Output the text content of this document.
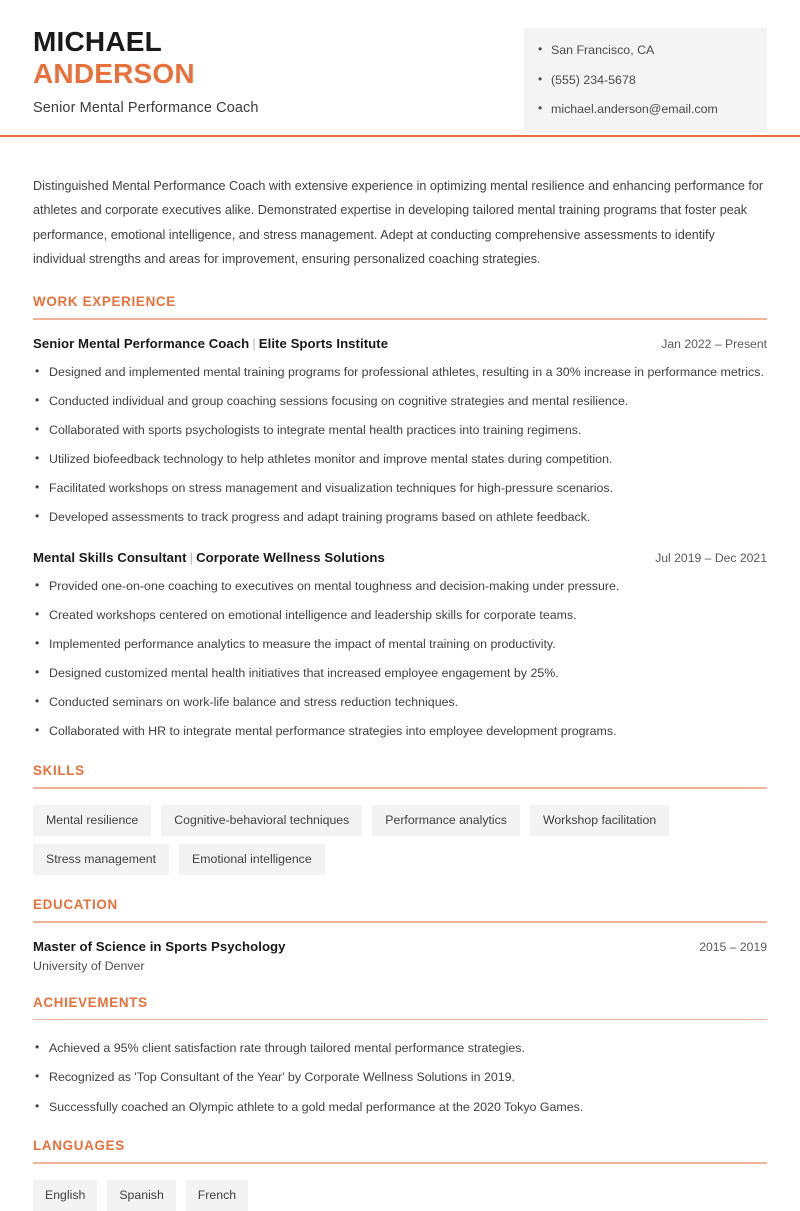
MICHAEL
ANDERSON
Senior Mental Performance Coach
• San Francisco, CA
• (555) 234-5678
• michael.anderson@email.com
Distinguished Mental Performance Coach with extensive experience in optimizing mental resilience and enhancing performance for athletes and corporate executives alike. Demonstrated expertise in developing tailored mental training programs that foster peak performance, emotional intelligence, and stress management. Adept at conducting comprehensive assessments to identify individual strengths and areas for improvement, ensuring personalized coaching strategies.
WORK EXPERIENCE
Senior Mental Performance Coach | Elite Sports Institute	Jan 2022 – Present
• Designed and implemented mental training programs for professional athletes, resulting in a 30% increase in performance metrics.
• Conducted individual and group coaching sessions focusing on cognitive strategies and mental resilience.
• Collaborated with sports psychologists to integrate mental health practices into training regimens.
• Utilized biofeedback technology to help athletes monitor and improve mental states during competition.
• Facilitated workshops on stress management and visualization techniques for high-pressure scenarios.
• Developed assessments to track progress and adapt training programs based on athlete feedback.
Mental Skills Consultant | Corporate Wellness Solutions	Jul 2019 – Dec 2021
• Provided one-on-one coaching to executives on mental toughness and decision-making under pressure.
• Created workshops centered on emotional intelligence and leadership skills for corporate teams.
• Implemented performance analytics to measure the impact of mental training on productivity.
• Designed customized mental health initiatives that increased employee engagement by 25%.
• Conducted seminars on work-life balance and stress reduction techniques.
• Collaborated with HR to integrate mental performance strategies into employee development programs.
SKILLS
Mental resilience	Cognitive-behavioral techniques	Performance analytics	Workshop facilitation
Stress management	Emotional intelligence
EDUCATION
Master of Science in Sports Psychology	2015 – 2019
University of Denver
ACHIEVEMENTS
• Achieved a 95% client satisfaction rate through tailored mental performance strategies.
• Recognized as 'Top Consultant of the Year' by Corporate Wellness Solutions in 2019.
• Successfully coached an Olympic athlete to a gold medal performance at the 2020 Tokyo Games.
LANGUAGES
English	Spanish	French
